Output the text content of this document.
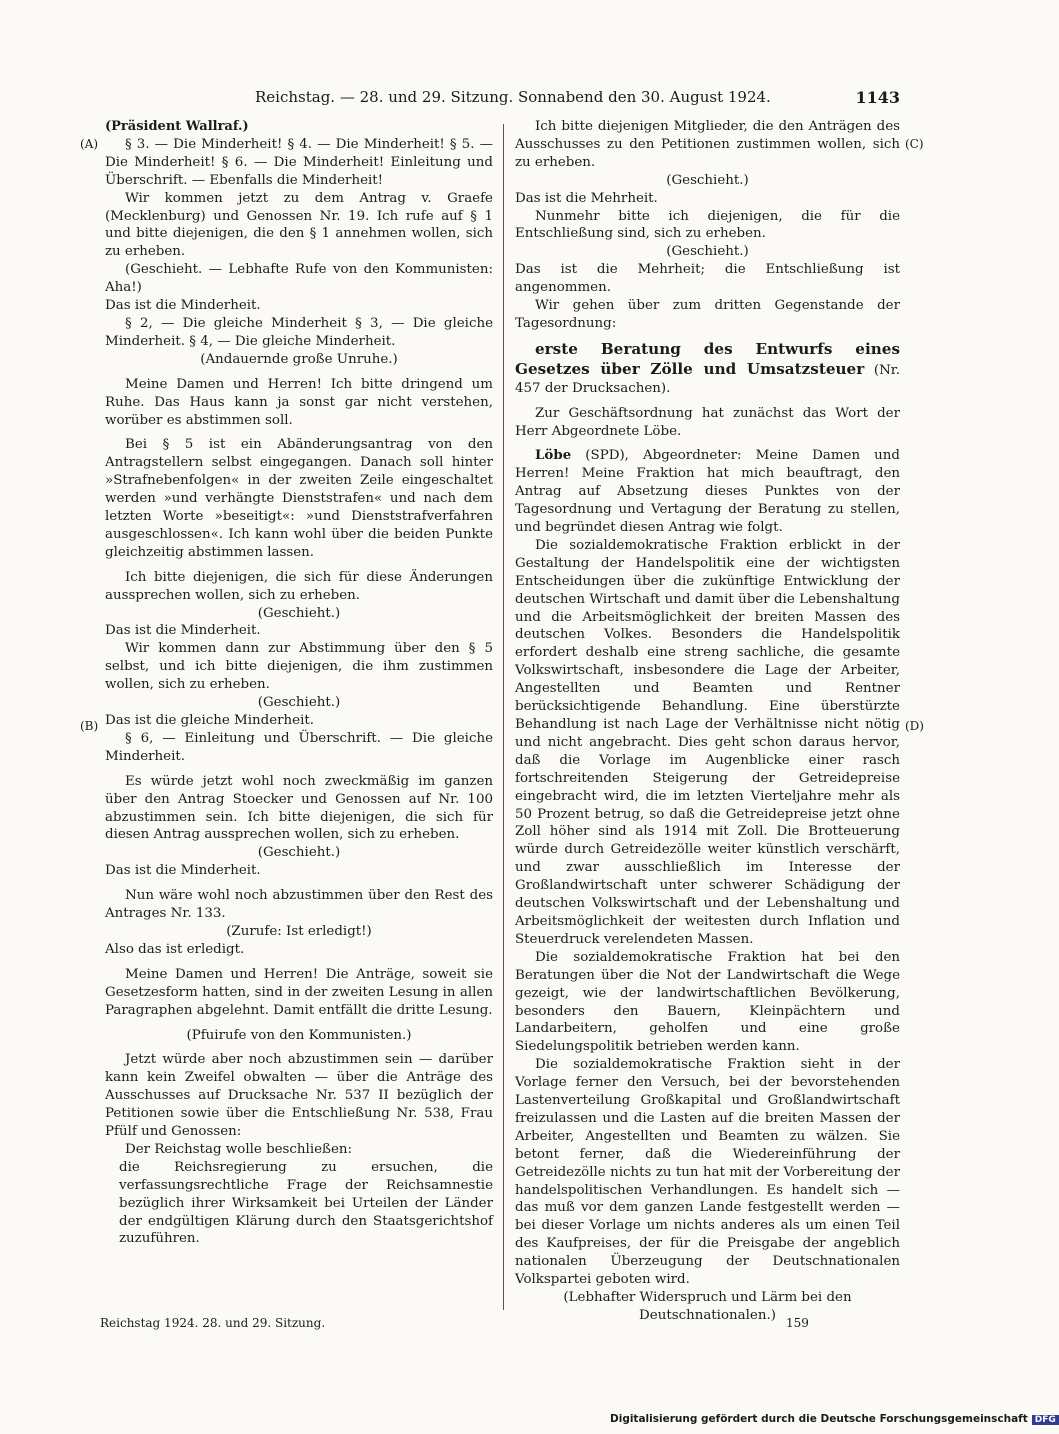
Reichstag. — 28. und 29. Sitzung. Sonnabend den 30. August 1924.	1143
(A)
(B)
(C)
(D)

(Präsident Wallraf.)

§ 3. — Die Minderheit! § 4. — Die Minderheit! § 5. — Die Minderheit! § 6. — Die Minderheit! Einleitung und Überschrift. — Ebenfalls die Minderheit!

Wir kommen jetzt zu dem Antrag v. Graefe (Mecklenburg) und Genossen Nr. 19. Ich rufe auf § 1 und bitte diejenigen, die den § 1 annehmen wollen, sich zu erheben.

(Geschieht. — Lebhafte Rufe von den Kommunisten: Aha!)

Das ist die Minderheit.

§ 2, — Die gleiche Minderheit § 3, — Die gleiche Minderheit. § 4, — Die gleiche Minderheit.

(Andauernde große Unruhe.)

Meine Damen und Herren! Ich bitte dringend um Ruhe. Das Haus kann ja sonst gar nicht verstehen, worüber es abstimmen soll.

Bei § 5 ist ein Abänderungsantrag von den Antragstellern selbst eingegangen. Danach soll hinter »Strafnebenfolgen« in der zweiten Zeile eingeschaltet werden »und verhängte Dienststrafen« und nach dem letzten Worte »beseitigt«: »und Dienststrafverfahren ausgeschlossen«. Ich kann wohl über die beiden Punkte gleichzeitig abstimmen lassen.

Ich bitte diejenigen, die sich für diese Änderungen aussprechen wollen, sich zu erheben.

(Geschieht.)

Das ist die Minderheit.

Wir kommen dann zur Abstimmung über den § 5 selbst, und ich bitte diejenigen, die ihm zustimmen wollen, sich zu erheben.

(Geschieht.)

Das ist die gleiche Minderheit.

§ 6, — Einleitung und Überschrift. — Die gleiche Minderheit.

Es würde jetzt wohl noch zweckmäßig im ganzen über den Antrag Stoecker und Genossen auf Nr. 100 abzustimmen sein. Ich bitte diejenigen, die sich für diesen Antrag aussprechen wollen, sich zu erheben.

(Geschieht.)

Das ist die Minderheit.

Nun wäre wohl noch abzustimmen über den Rest des Antrages Nr. 133.

(Zurufe: Ist erledigt!)

Also das ist erledigt.

Meine Damen und Herren! Die Anträge, soweit sie Gesetzesform hatten, sind in der zweiten Lesung in allen Paragraphen abgelehnt. Damit entfällt die dritte Lesung.

(Pfuirufe von den Kommunisten.)

Jetzt würde aber noch abzustimmen sein — darüber kann kein Zweifel obwalten — über die Anträge des Ausschusses auf Drucksache Nr. 537 II bezüglich der Petitionen sowie über die Entschließung Nr. 538, Frau Pfülf und Genossen:

Der Reichstag wolle beschließen:

die Reichsregierung zu ersuchen, die verfassungsrechtliche Frage der Reichsamnestie bezüglich ihrer Wirksamkeit bei Urteilen der Länder der endgültigen Klärung durch den Staatsgerichtshof zuzuführen.

Ich bitte diejenigen Mitglieder, die den Anträgen des Ausschusses zu den Petitionen zustimmen wollen, sich zu erheben.

(Geschieht.)

Das ist die Mehrheit.

Nunmehr bitte ich diejenigen, die für die Entschließung sind, sich zu erheben.

(Geschieht.)

Das ist die Mehrheit; die Entschließung ist angenommen.

Wir gehen über zum dritten Gegenstande der Tagesordnung:

erste Beratung des Entwurfs eines Gesetzes über Zölle und Umsatzsteuer (Nr. 457 der Drucksachen).

Zur Geschäftsordnung hat zunächst das Wort der Herr Abgeordnete Löbe.

Löbe (SPD), Abgeordneter: Meine Damen und Herren! Meine Fraktion hat mich beauftragt, den Antrag auf Absetzung dieses Punktes von der Tagesordnung und Vertagung der Beratung zu stellen, und begründet diesen Antrag wie folgt.

Die sozialdemokratische Fraktion erblickt in der Gestaltung der Handelspolitik eine der wichtigsten Entscheidungen über die zukünftige Entwicklung der deutschen Wirtschaft und damit über die Lebenshaltung und die Arbeitsmöglichkeit der breiten Massen des deutschen Volkes. Besonders die Handelspolitik erfordert deshalb eine streng sachliche, die gesamte Volkswirtschaft, insbesondere die Lage der Arbeiter, Angestellten und Beamten und Rentner berücksichtigende Behandlung. Eine überstürzte Behandlung ist nach Lage der Verhältnisse nicht nötig und nicht angebracht. Dies geht schon daraus hervor, daß die Vorlage im Augenblicke einer rasch fortschreitenden Steigerung der Getreidepreise eingebracht wird, die im letzten Vierteljahre mehr als 50 Prozent betrug, so daß die Getreidepreise jetzt ohne Zoll höher sind als 1914 mit Zoll. Die Brotteuerung würde durch Getreidezölle weiter künstlich verschärft, und zwar ausschließlich im Interesse der Großlandwirtschaft unter schwerer Schädigung der deutschen Volkswirtschaft und der Lebenshaltung und Arbeitsmöglichkeit der weitesten durch Inflation und Steuerdruck verelendeten Massen.

Die sozialdemokratische Fraktion hat bei den Beratungen über die Not der Landwirtschaft die Wege gezeigt, wie der landwirtschaftlichen Bevölkerung, besonders den Bauern, Kleinpächtern und Landarbeitern, geholfen und eine große Siedelungspolitik betrieben werden kann.

Die sozialdemokratische Fraktion sieht in der Vorlage ferner den Versuch, bei der bevorstehenden Lastenverteilung Großkapital und Großlandwirtschaft freizulassen und die Lasten auf die breiten Massen der Arbeiter, Angestellten und Beamten zu wälzen. Sie betont ferner, daß die Wiedereinführung der Getreidezölle nichts zu tun hat mit der Vorbereitung der handelspolitischen Verhandlungen. Es handelt sich — das muß vor dem ganzen Lande festgestellt werden — bei dieser Vorlage um nichts anderes als um einen Teil des Kaufpreises, der für die Preisgabe der angeblich nationalen Überzeugung der Deutschnationalen Volkspartei geboten wird.

(Lebhafter Widerspruch und Lärm bei den Deutschnationalen.)

Reichstag 1924. 28. und 29. Sitzung.	159
Digitalisierung gefördert durch die Deutsche Forschungsgemeinschaft DFG
